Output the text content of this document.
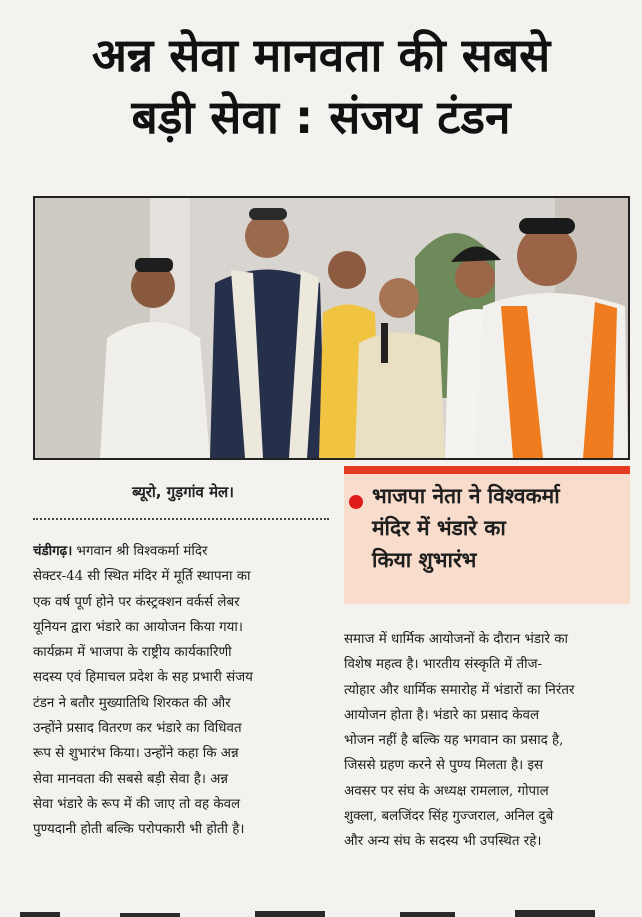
अन्न सेवा मानवता की सबसे
बड़ी सेवा : संजय टंडन
ब्यूरो, गुड़गांव मेल।	भाजपा नेता ने विश्वकर्मा
मंदिर में भंडारे का
किया शुभारंभ
चंडीगढ़। भगवान श्री विश्वकर्मा मंदिर
सेक्टर-44 सी स्थित मंदिर में मूर्ति स्थापना का
एक वर्ष पूर्ण होने पर कंस्ट्रक्शन वर्कर्स लेबर
यूनियन द्वारा भंडारे का आयोजन किया गया।
कार्यक्रम में भाजपा के राष्ट्रीय कार्यकारिणी
सदस्य एवं हिमाचल प्रदेश के सह प्रभारी संजय
टंडन ने बतौर मुख्यातिथि शिरकत की और
उन्होंने प्रसाद वितरण कर भंडारे का विधिवत
रूप से शुभारंभ किया। उन्होंने कहा कि अन्न
सेवा मानवता की सबसे बड़ी सेवा है। अन्न
सेवा भंडारे के रूप में की जाए तो वह केवल
पुण्यदानी होती बल्कि परोपकारी भी होती है।
समाज में धार्मिक आयोजनों के दौरान भंडारे का
विशेष महत्व है। भारतीय संस्कृति में तीज-
त्योहार और धार्मिक समारोह में भंडारों का निरंतर
आयोजन होता है। भंडारे का प्रसाद केवल
भोजन नहीं है बल्कि यह भगवान का प्रसाद है,
जिससे ग्रहण करने से पुण्य मिलता है। इस
अवसर पर संघ के अध्यक्ष रामलाल, गोपाल
शुक्ला, बलजिंदर सिंह गुज्जराल, अनिल दुबे
और अन्य संघ के सदस्य भी उपस्थित रहे।
